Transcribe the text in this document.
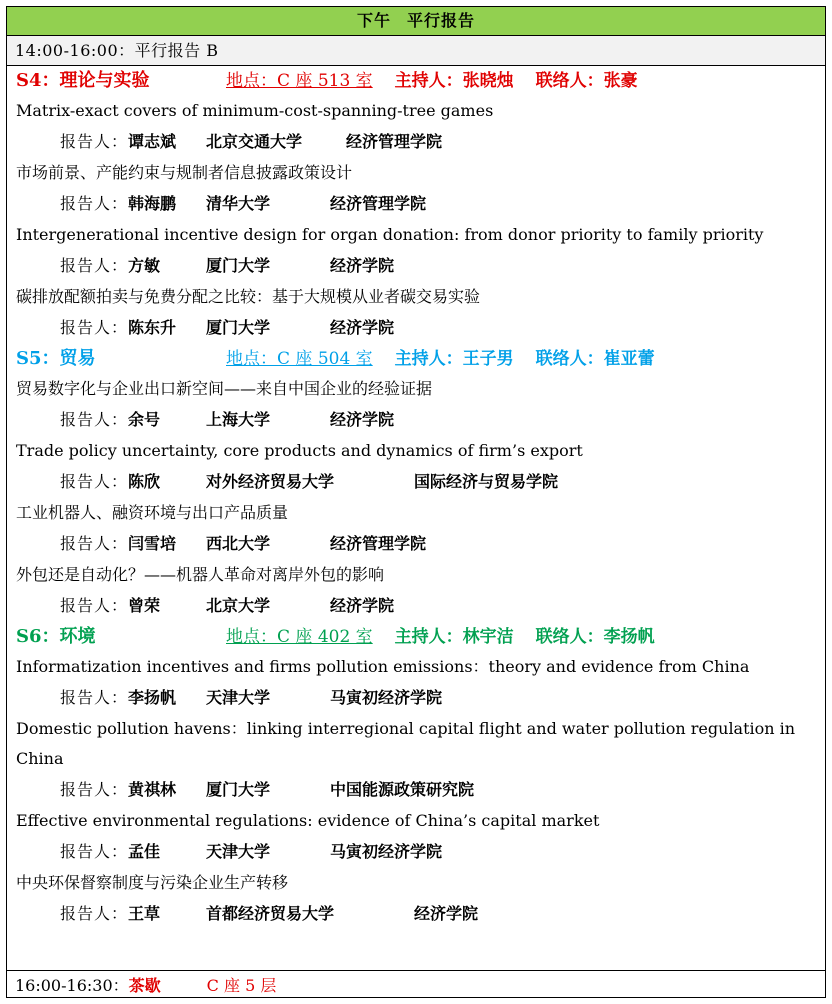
下午 平行报告
14:00-16:00：平行报告 B
S4：理论与实验	地点：C 座 513 室 主持人：张晓烛 联络人：张豪
Matrix-exact covers of minimum-cost-spanning-tree games
报告人：谭志斌 北京交通大学	经济管理学院
市场前景、产能约束与规制者信息披露政策设计
报告人：韩海鹏 清华大学	经济管理学院
Intergenerational incentive design for organ donation: from donor priority to family priority
报告人：方敏	厦门大学	经济学院
碳排放配额拍卖与免费分配之比较：基于大规模从业者碳交易实验
报告人：陈东升 厦门大学	经济学院
S5：贸易	地点：C 座 504 室 主持人：王子男 联络人：崔亚蕾
贸易数字化与企业出口新空间——来自中国企业的经验证据
报告人：余号	上海大学	经济学院
Trade policy uncertainty, core products and dynamics of firm’s export
报告人：陈欣	对外经济贸易大学	国际经济与贸易学院
工业机器人、融资环境与出口产品质量
报告人：闫雪培 西北大学	经济管理学院
外包还是自动化？——机器人革命对离岸外包的影响
报告人：曾荣	北京大学	经济学院
S6：环境	地点：C 座 402 室 主持人：林宇洁 联络人：李扬帆
Informatization incentives and firms pollution emissions：theory and evidence from China
报告人：李扬帆 天津大学	马寅初经济学院
Domestic pollution havens：linking interregional capital flight and water pollution regulation in China
报告人：黄祺林 厦门大学	中国能源政策研究院
Effective environmental regulations: evidence of China’s capital market
报告人：孟佳	天津大学	马寅初经济学院
中央环保督察制度与污染企业生产转移
报告人：王草	首都经济贸易大学	经济学院
16:00-16:30：茶歇	C 座 5 层
